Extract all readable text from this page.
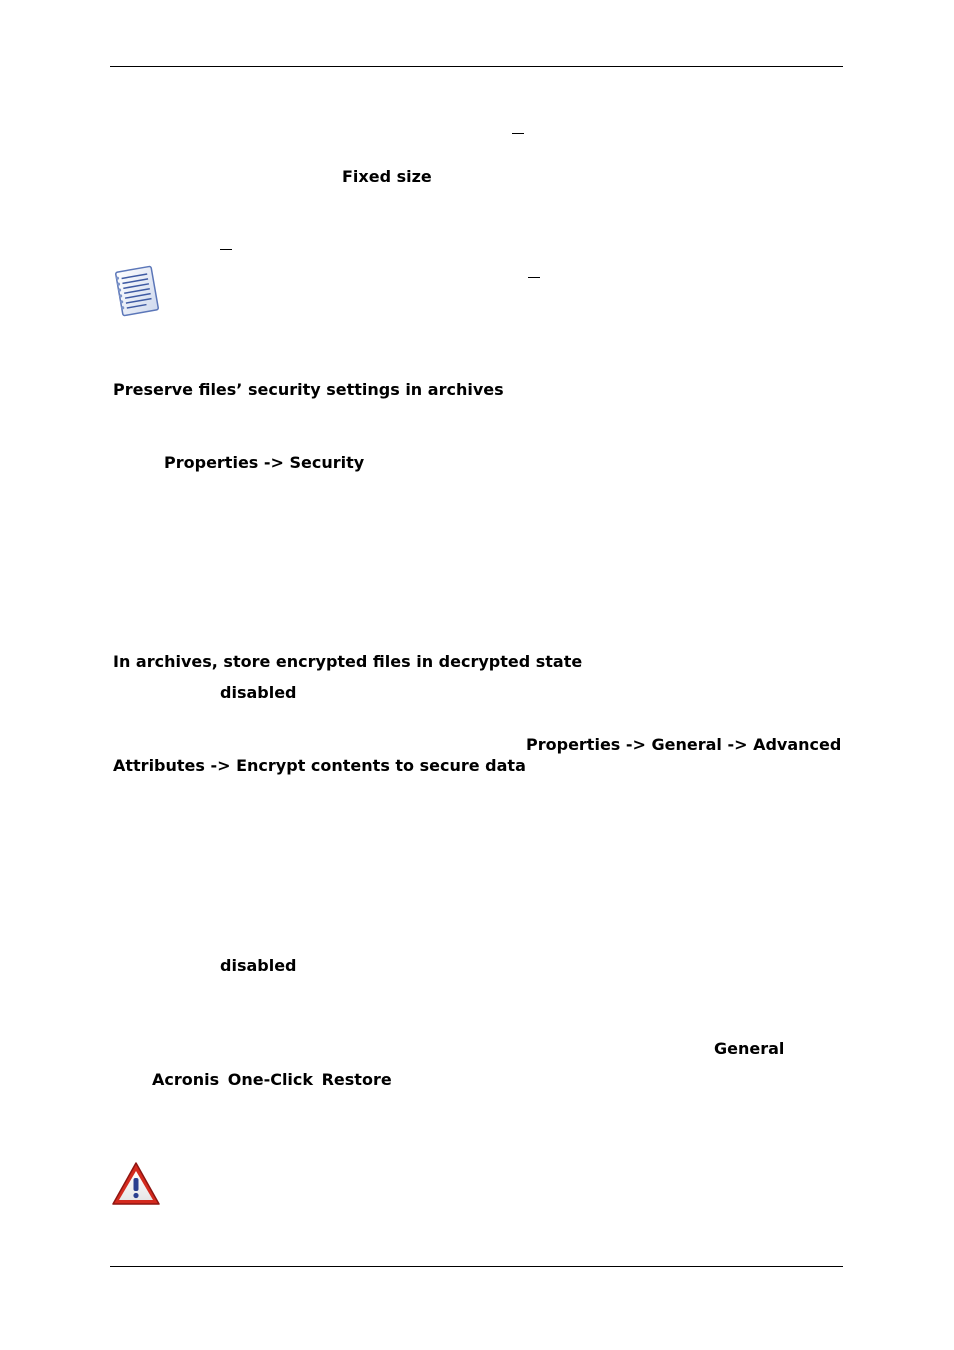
Fixed size
Preserve files’ security settings in archives
Properties -> Security
In archives, store encrypted files in decrypted state
disabled
Properties -> General -> Advanced
Attributes -> Encrypt contents to secure data
disabled
General
Acronis One-Click Restore
